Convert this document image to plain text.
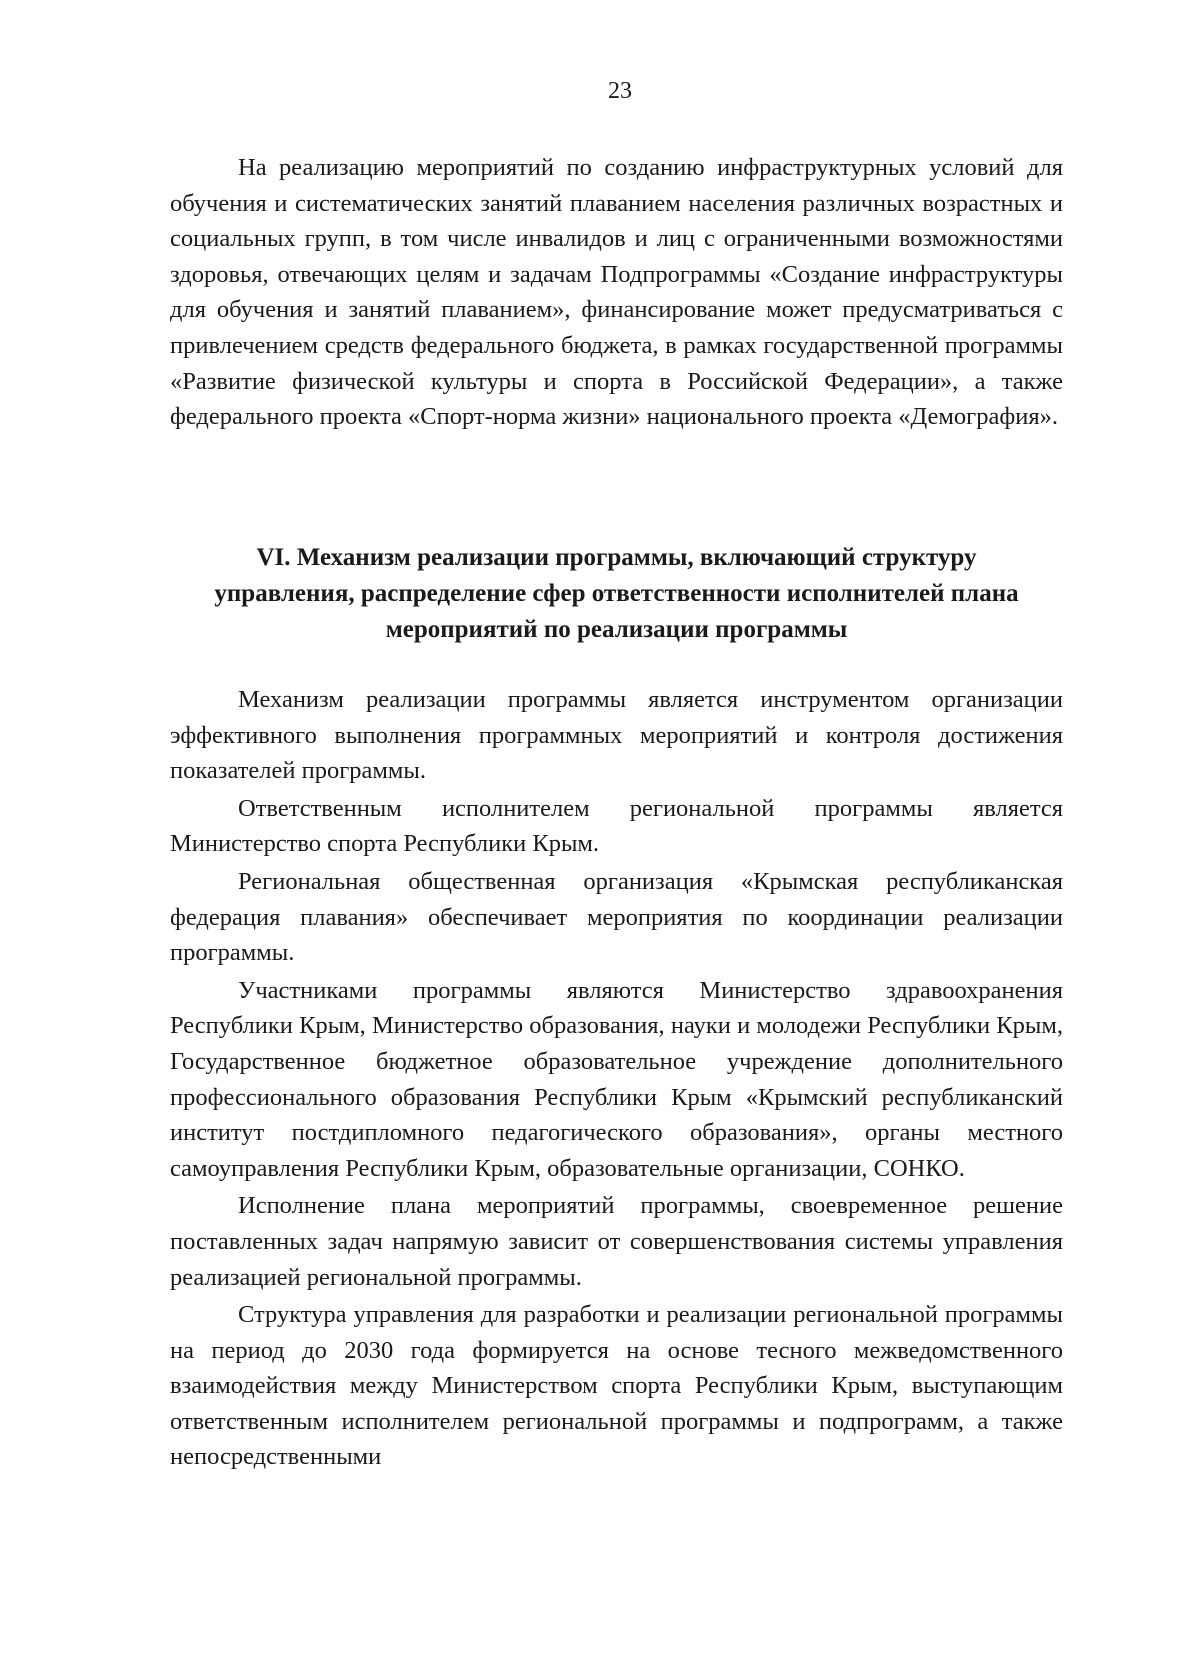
23

На реализацию мероприятий по созданию инфраструктурных условий для обучения и систематических занятий плаванием населения различных возрастных и социальных групп, в том числе инвалидов и лиц с ограниченными возможностями здоровья, отвечающих целям и задачам Подпрограммы «Создание инфраструктуры для обучения и занятий плаванием», финансирование может предусматриваться с привлечением средств федерального бюджета, в рамках государственной программы «Развитие физической культуры и спорта в Российской Федерации», а также федерального проекта «Спорт-норма жизни» национального проекта «Демография».

VI. Механизм реализации программы, включающий структуру
управления, распределение сфер ответственности исполнителей плана
мероприятий по реализации программы

Механизм реализации программы является инструментом организации эффективного выполнения программных мероприятий и контроля достижения показателей программы.

Ответственным исполнителем региональной программы является Министерство спорта Республики Крым.

Региональная общественная организация «Крымская республиканская федерация плавания» обеспечивает мероприятия по координации реализации программы.

Участниками программы являются Министерство здравоохранения Республики Крым, Министерство образования, науки и молодежи Республики Крым, Государственное бюджетное образовательное учреждение дополнительного профессионального образования Республики Крым «Крымский республиканский институт постдипломного педагогического образования», органы местного самоуправления Республики Крым, образовательные организации, СОНКО.

Исполнение плана мероприятий программы, своевременное решение поставленных задач напрямую зависит от совершенствования системы управления реализацией региональной программы.

Структура управления для разработки и реализации региональной программы на период до 2030 года формируется на основе тесного межведомственного взаимодействия между Министерством спорта Республики Крым, выступающим ответственным исполнителем региональной программы и подпрограмм, а также непосредственными
